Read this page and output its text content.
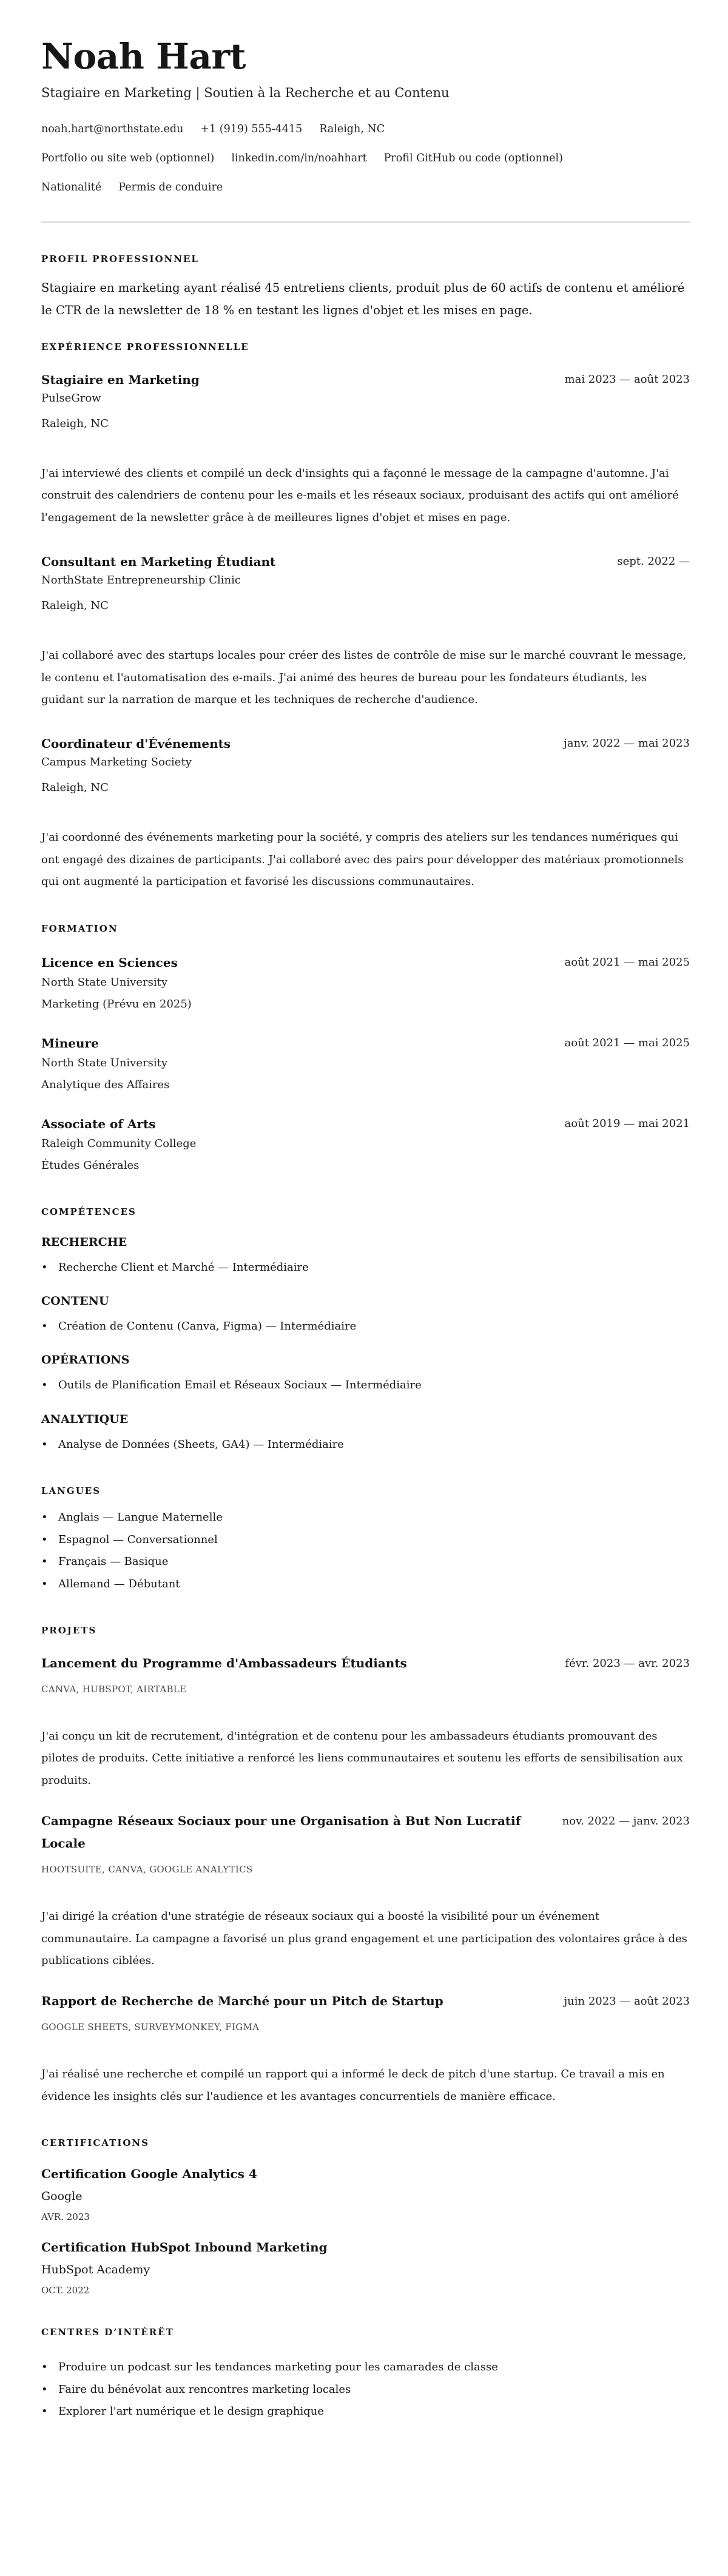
Noah Hart
Stagiaire en Marketing | Soutien à la Recherche et au Contenu
noah.hart@northstate.edu +1 (919) 555-4415 Raleigh, NC
Portfolio ou site web (optionnel) linkedin.com/in/noahhart Profil GitHub ou code (optionnel)
Nationalité Permis de conduire
PROFIL PROFESSIONNEL

Stagiaire en marketing ayant réalisé 45 entretiens clients, produit plus de 60 actifs de contenu et amélioré le CTR de la newsletter de 18 % en testant les lignes d'objet et les mises en page.

EXPÉRIENCE PROFESSIONNELLE
Stagiaire en Marketing	mai 2023 — août 2023
PulseGrow
Raleigh, NC
J'ai interviewé des clients et compilé un deck d'insights qui a façonné le message de la campagne d'automne. J'ai construit des calendriers de contenu pour les e-mails et les réseaux sociaux, produisant des actifs qui ont amélioré l'engagement de la newsletter grâce à de meilleures lignes d'objet et mises en page.
Consultant en Marketing Étudiant	sept. 2022 —
NorthState Entrepreneurship Clinic
Raleigh, NC
J'ai collaboré avec des startups locales pour créer des listes de contrôle de mise sur le marché couvrant le message, le contenu et l'automatisation des e-mails. J'ai animé des heures de bureau pour les fondateurs étudiants, les guidant sur la narration de marque et les techniques de recherche d'audience.
Coordinateur d'Événements	janv. 2022 — mai 2023
Campus Marketing Society
Raleigh, NC
J'ai coordonné des événements marketing pour la société, y compris des ateliers sur les tendances numériques qui ont engagé des dizaines de participants. J'ai collaboré avec des pairs pour développer des matériaux promotionnels qui ont augmenté la participation et favorisé les discussions communautaires.
FORMATION
Licence en Sciences	août 2021 — mai 2025
North State University
Marketing (Prévu en 2025)
Mineure	août 2021 — mai 2025
North State University
Analytique des Affaires
Associate of Arts	août 2019 — mai 2021
Raleigh Community College
Études Générales
COMPÉTENCES
RECHERCHE
• Recherche Client et Marché — Intermédiaire
CONTENU
• Création de Contenu (Canva, Figma) — Intermédiaire
OPÉRATIONS
• Outils de Planification Email et Réseaux Sociaux — Intermédiaire
ANALYTIQUE
• Analyse de Données (Sheets, GA4) — Intermédiaire
LANGUES
• Anglais — Langue Maternelle
• Espagnol — Conversationnel
• Français — Basique
• Allemand — Débutant
PROJETS
Lancement du Programme d'Ambassadeurs Étudiants	févr. 2023 — avr. 2023
CANVA, HUBSPOT, AIRTABLE
J'ai conçu un kit de recrutement, d'intégration et de contenu pour les ambassadeurs étudiants promouvant des pilotes de produits. Cette initiative a renforcé les liens communautaires et soutenu les efforts de sensibilisation aux produits.
Campagne Réseaux Sociaux pour une Organisation à But Non Lucratif Locale
nov. 2022 — janv. 2023
HOOTSUITE, CANVA, GOOGLE ANALYTICS
J'ai dirigé la création d'une stratégie de réseaux sociaux qui a boosté la visibilité pour un événement communautaire. La campagne a favorisé un plus grand engagement et une participation des volontaires grâce à des publications ciblées.
Rapport de Recherche de Marché pour un Pitch de Startup	juin 2023 — août 2023
GOOGLE SHEETS, SURVEYMONKEY, FIGMA
J'ai réalisé une recherche et compilé un rapport qui a informé le deck de pitch d'une startup. Ce travail a mis en évidence les insights clés sur l'audience et les avantages concurrentiels de manière efficace.
CERTIFICATIONS
Certification Google Analytics 4
Google
AVR. 2023
Certification HubSpot Inbound Marketing
HubSpot Academy
OCT. 2022
CENTRES D’INTÉRÊT
• Produire un podcast sur les tendances marketing pour les camarades de classe
• Faire du bénévolat aux rencontres marketing locales
• Explorer l'art numérique et le design graphique
